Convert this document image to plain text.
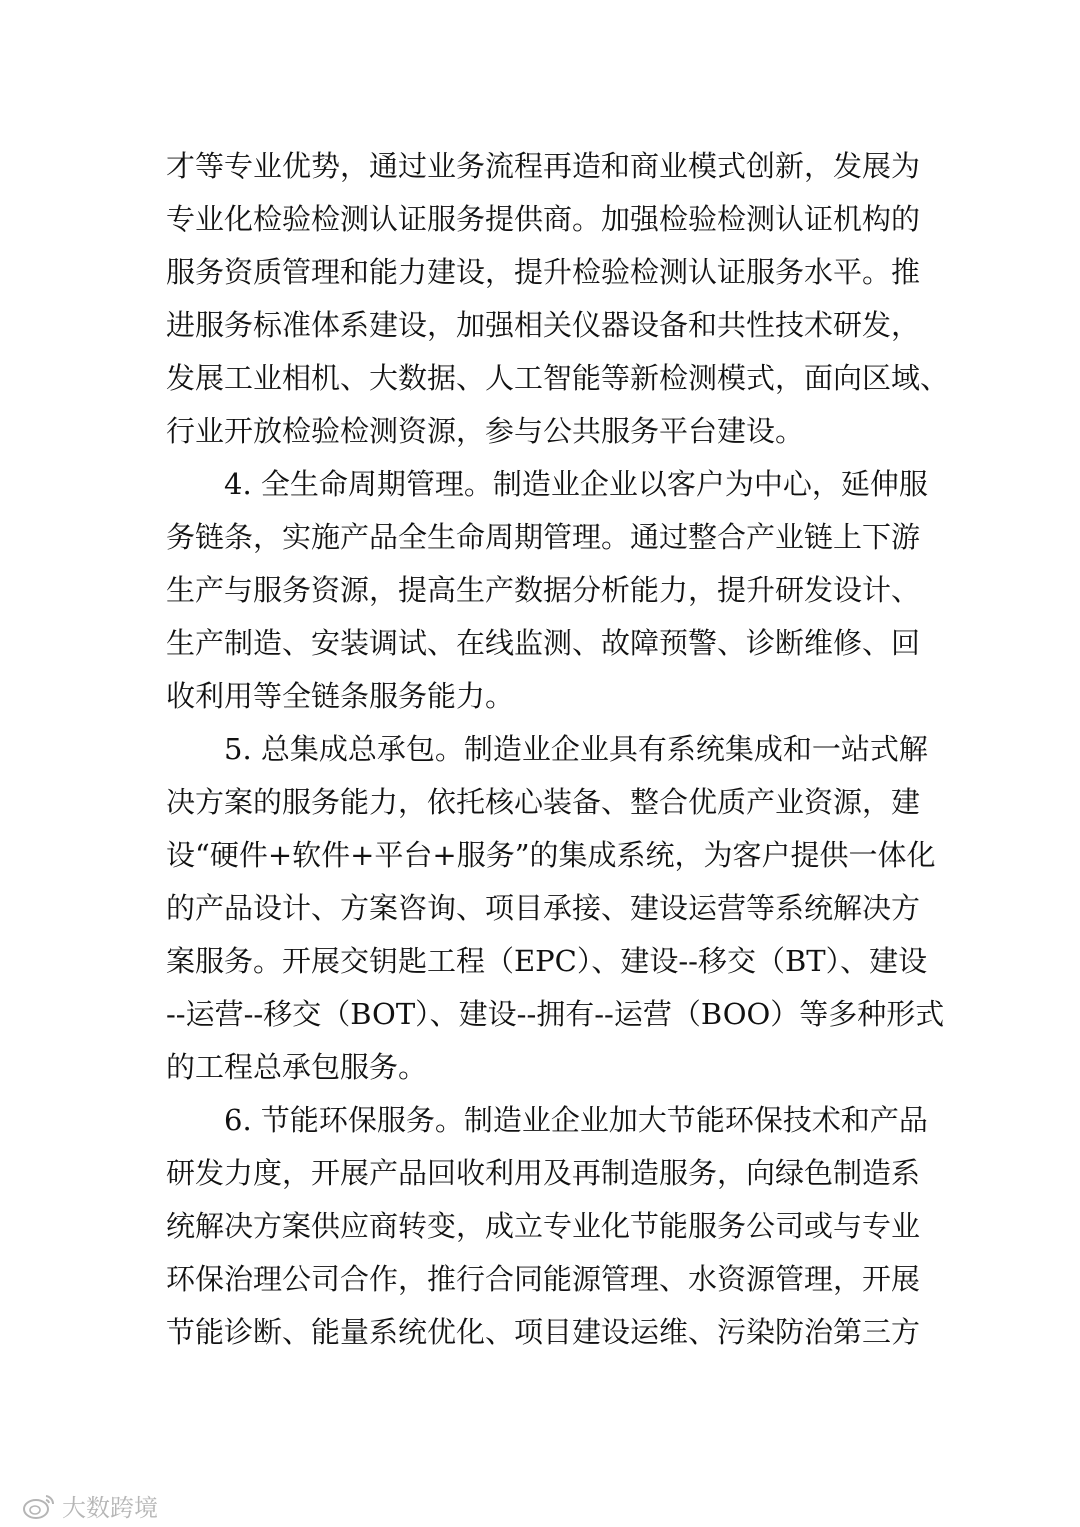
才等专业优势，通过业务流程再造和商业模式创新，发展为
专业化检验检测认证服务提供商。加强检验检测认证机构的
服务资质管理和能力建设，提升检验检测认证服务水平。推
进服务标准体系建设，加强相关仪器设备和共性技术研发，
发展工业相机、大数据、人工智能等新检测模式，面向区域、
行业开放检验检测资源，参与公共服务平台建设。
4. 全生命周期管理。制造业企业以客户为中心，延伸服
务链条，实施产品全生命周期管理。通过整合产业链上下游
生产与服务资源，提高生产数据分析能力，提升研发设计、
生产制造、安装调试、在线监测、故障预警、诊断维修、回
收利用等全链条服务能力。
5. 总集成总承包。制造业企业具有系统集成和一站式解
决方案的服务能力，依托核心装备、整合优质产业资源，建
设“硬件+软件+平台+服务”的集成系统，为客户提供一体化
的产品设计、方案咨询、项目承接、建设运营等系统解决方
案服务。开展交钥匙工程（EPC）、建设--移交（BT）、建设
--运营--移交（BOT）、建设--拥有--运营（BOO）等多种形式
的工程总承包服务。
6. 节能环保服务。制造业企业加大节能环保技术和产品
研发力度，开展产品回收利用及再制造服务，向绿色制造系
统解决方案供应商转变，成立专业化节能服务公司或与专业
环保治理公司合作，推行合同能源管理、水资源管理，开展
节能诊断、能量系统优化、项目建设运维、污染防治第三方
大数跨境
